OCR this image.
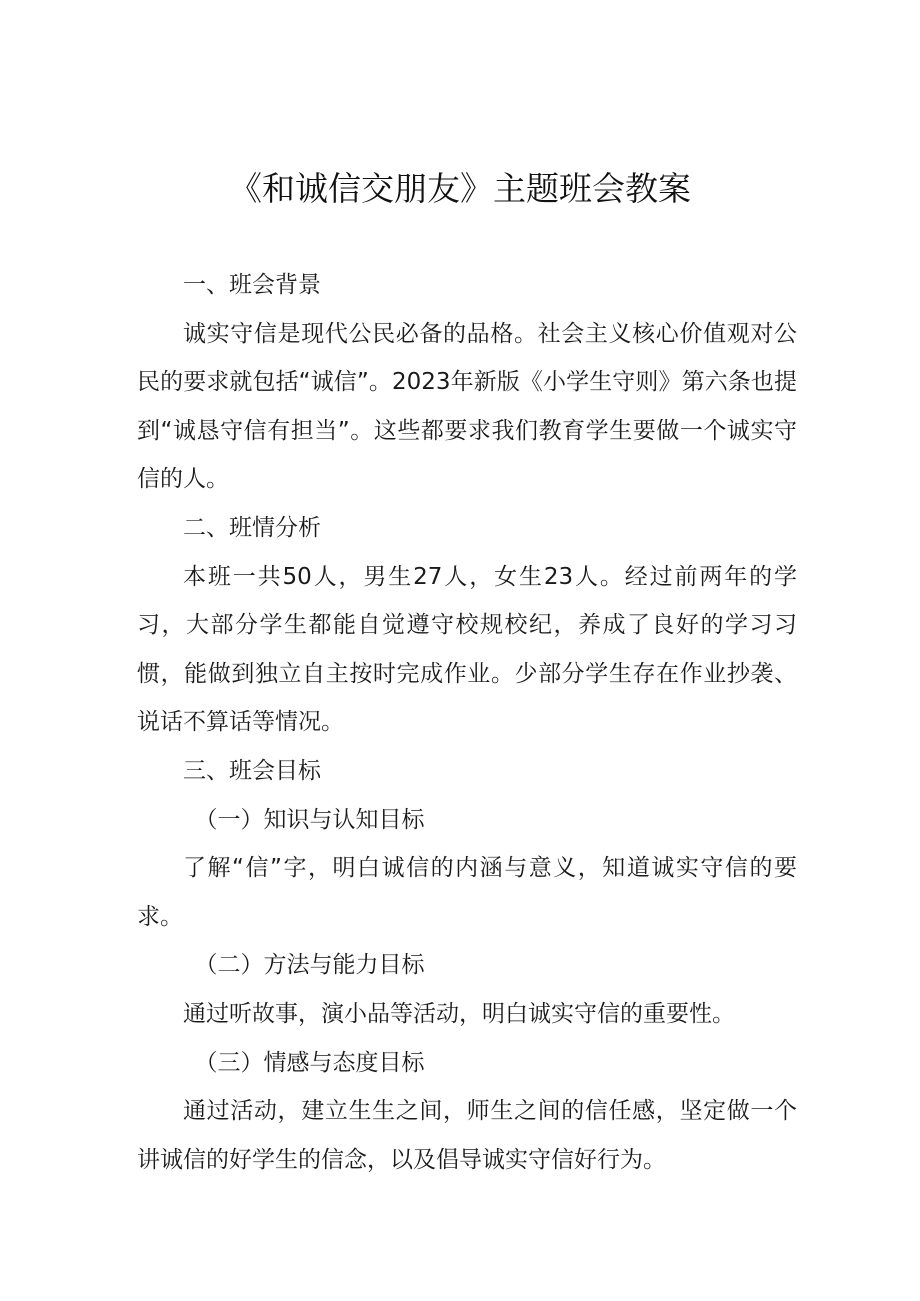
《和诚信交朋友》主题班会教案

一、班会背景

诚实守信是现代公民必备的品格。社会主义核心价值观对公民的要求就包括“诚信”。2023年新版《小学生守则》第六条也提到“诚恳守信有担当”。这些都要求我们教育学生要做一个诚实守信的人。

二、班情分析

本班一共50人，男生27人，女生23人。经过前两年的学习，大部分学生都能自觉遵守校规校纪，养成了良好的学习习惯，能做到独立自主按时完成作业。少部分学生存在作业抄袭、说话不算话等情况。

三、班会目标

（一）知识与认知目标

了解“信”字，明白诚信的内涵与意义，知道诚实守信的要求。

（二）方法与能力目标

通过听故事，演小品等活动，明白诚实守信的重要性。

（三）情感与态度目标

通过活动，建立生生之间，师生之间的信任感，坚定做一个讲诚信的好学生的信念，以及倡导诚实守信好行为。
